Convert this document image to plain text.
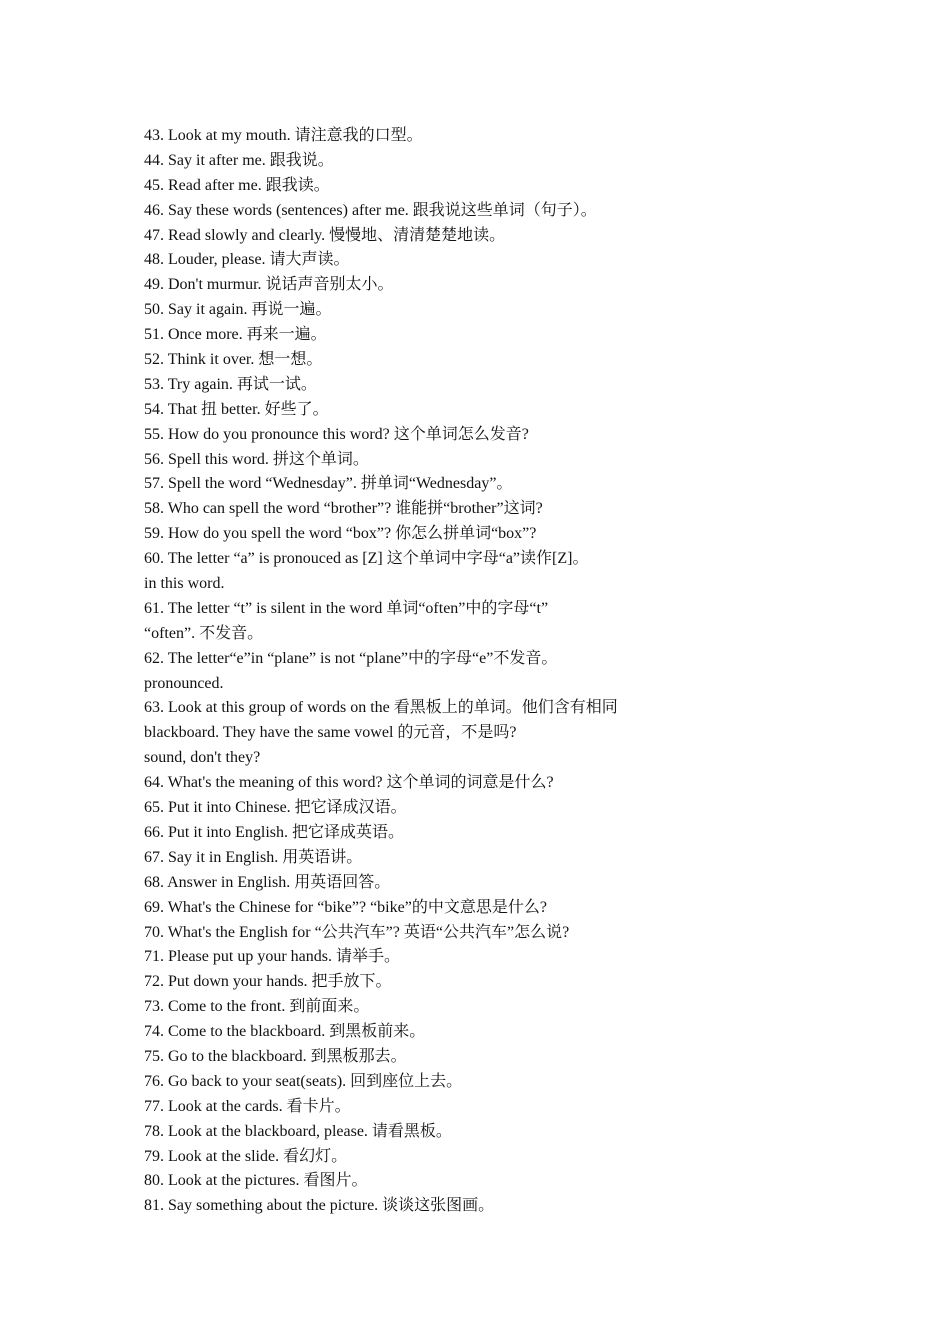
43. Look at my mouth. 请注意我的口型。
44. Say it after me. 跟我说。
45. Read after me. 跟我读。
46. Say these words (sentences) after me. 跟我说这些单词（句子）。
47. Read slowly and clearly. 慢慢地、清清楚楚地读。
48. Louder, please. 请大声读。
49. Don't murmur. 说话声音别太小。
50. Say it again. 再说一遍。
51. Once more. 再来一遍。
52. Think it over. 想一想。
53. Try again. 再试一试。
54. That 扭 better. 好些了。
55. How do you pronounce this word? 这个单词怎么发音?
56. Spell this word. 拼这个单词。
57. Spell the word “Wednesday”. 拼单词“Wednesday”。
58. Who can spell the word “brother”? 谁能拼“brother”这词?
59. How do you spell the word “box”? 你怎么拼单词“box”?
60. The letter “a” is pronouced as [Z] 这个单词中字母“a”读作[Z]。
in this word.
61. The letter “t” is silent in the word 单词“often”中的字母“t”
“often”. 不发音。
62. The letter“e”in “plane” is not “plane”中的字母“e”不发音。
pronounced.
63. Look at this group of words on the 看黑板上的单词。他们含有相同
blackboard. They have the same vowel 的元音，不是吗?
sound, don't they?
64. What's the meaning of this word? 这个单词的词意是什么?
65. Put it into Chinese. 把它译成汉语。
66. Put it into English. 把它译成英语。
67. Say it in English. 用英语讲。
68. Answer in English. 用英语回答。
69. What's the Chinese for “bike”? “bike”的中文意思是什么?
70. What's the English for “公共汽车”? 英语“公共汽车”怎么说?
71. Please put up your hands. 请举手。
72. Put down your hands. 把手放下。
73. Come to the front. 到前面来。
74. Come to the blackboard. 到黑板前来。
75. Go to the blackboard. 到黑板那去。
76. Go back to your seat(seats). 回到座位上去。
77. Look at the cards. 看卡片。
78. Look at the blackboard, please. 请看黑板。
79. Look at the slide. 看幻灯。
80. Look at the pictures. 看图片。
81. Say something about the picture. 谈谈这张图画。
